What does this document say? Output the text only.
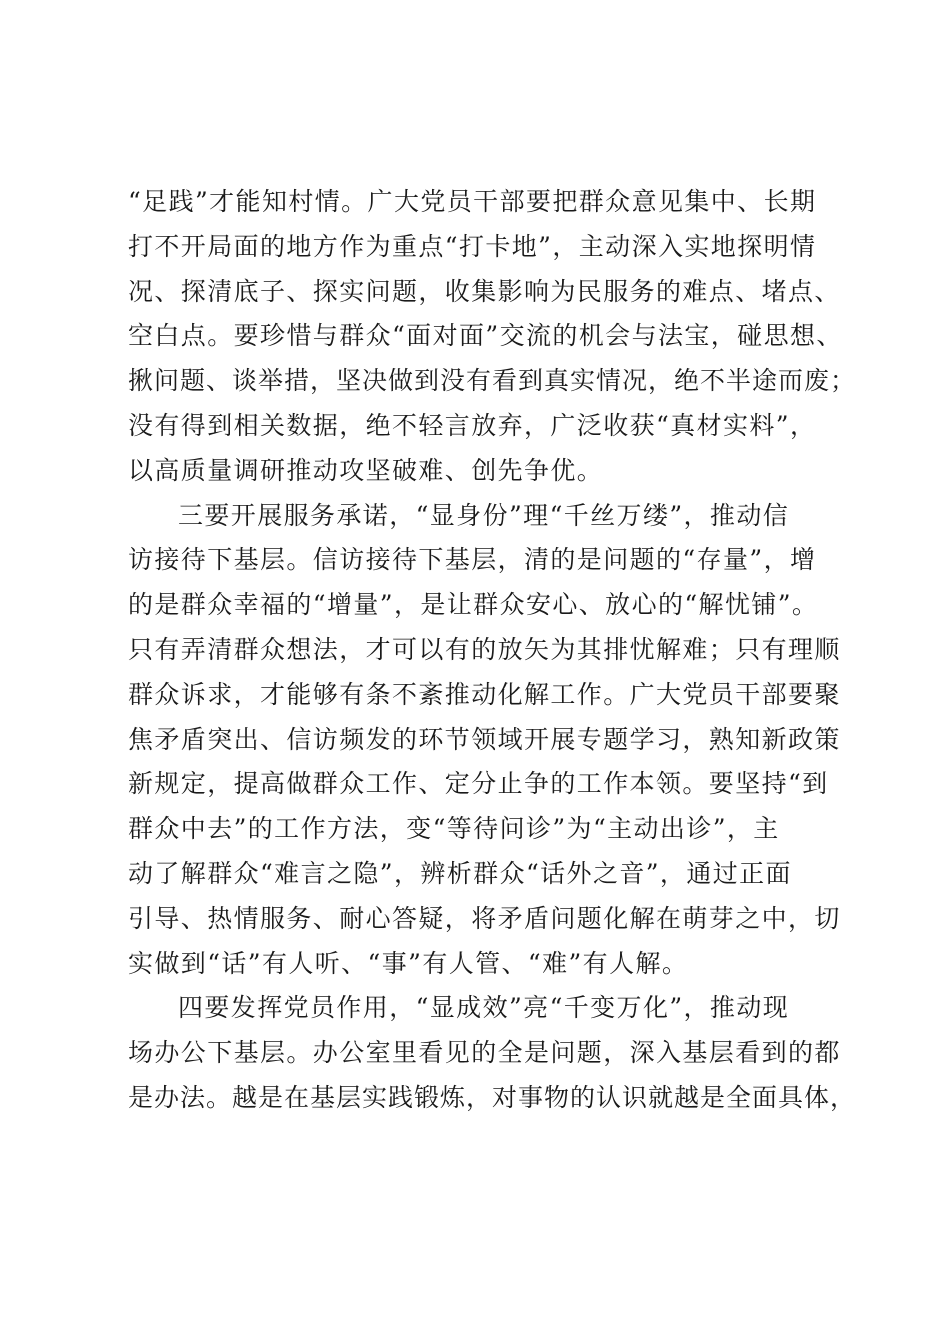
“足践”才能知村情。广大党员干部要把群众意见集中、长期
打不开局面的地方作为重点“打卡地”，主动深入实地探明情
况、探清底子、探实问题，收集影响为民服务的难点、堵点、
空白点。要珍惜与群众“面对面”交流的机会与法宝，碰思想、
揪问题、谈举措，坚决做到没有看到真实情况，绝不半途而废；
没有得到相关数据，绝不轻言放弃，广泛收获“真材实料”，
以高质量调研推动攻坚破难、创先争优。
三要开展服务承诺，“显身份”理“千丝万缕”，推动信
访接待下基层。信访接待下基层，清的是问题的“存量”，增
的是群众幸福的“增量”，是让群众安心、放心的“解忧铺”。
只有弄清群众想法，才可以有的放矢为其排忧解难；只有理顺
群众诉求，才能够有条不紊推动化解工作。广大党员干部要聚
焦矛盾突出、信访频发的环节领域开展专题学习，熟知新政策
新规定，提高做群众工作、定分止争的工作本领。要坚持“到
群众中去”的工作方法，变“等待问诊”为“主动出诊”，主
动了解群众“难言之隐”，辨析群众“话外之音”，通过正面
引导、热情服务、耐心答疑，将矛盾问题化解在萌芽之中，切
实做到“话”有人听、“事”有人管、“难”有人解。
四要发挥党员作用，“显成效”亮“千变万化”，推动现
场办公下基层。办公室里看见的全是问题，深入基层看到的都
是办法。越是在基层实践锻炼，对事物的认识就越是全面具体，
